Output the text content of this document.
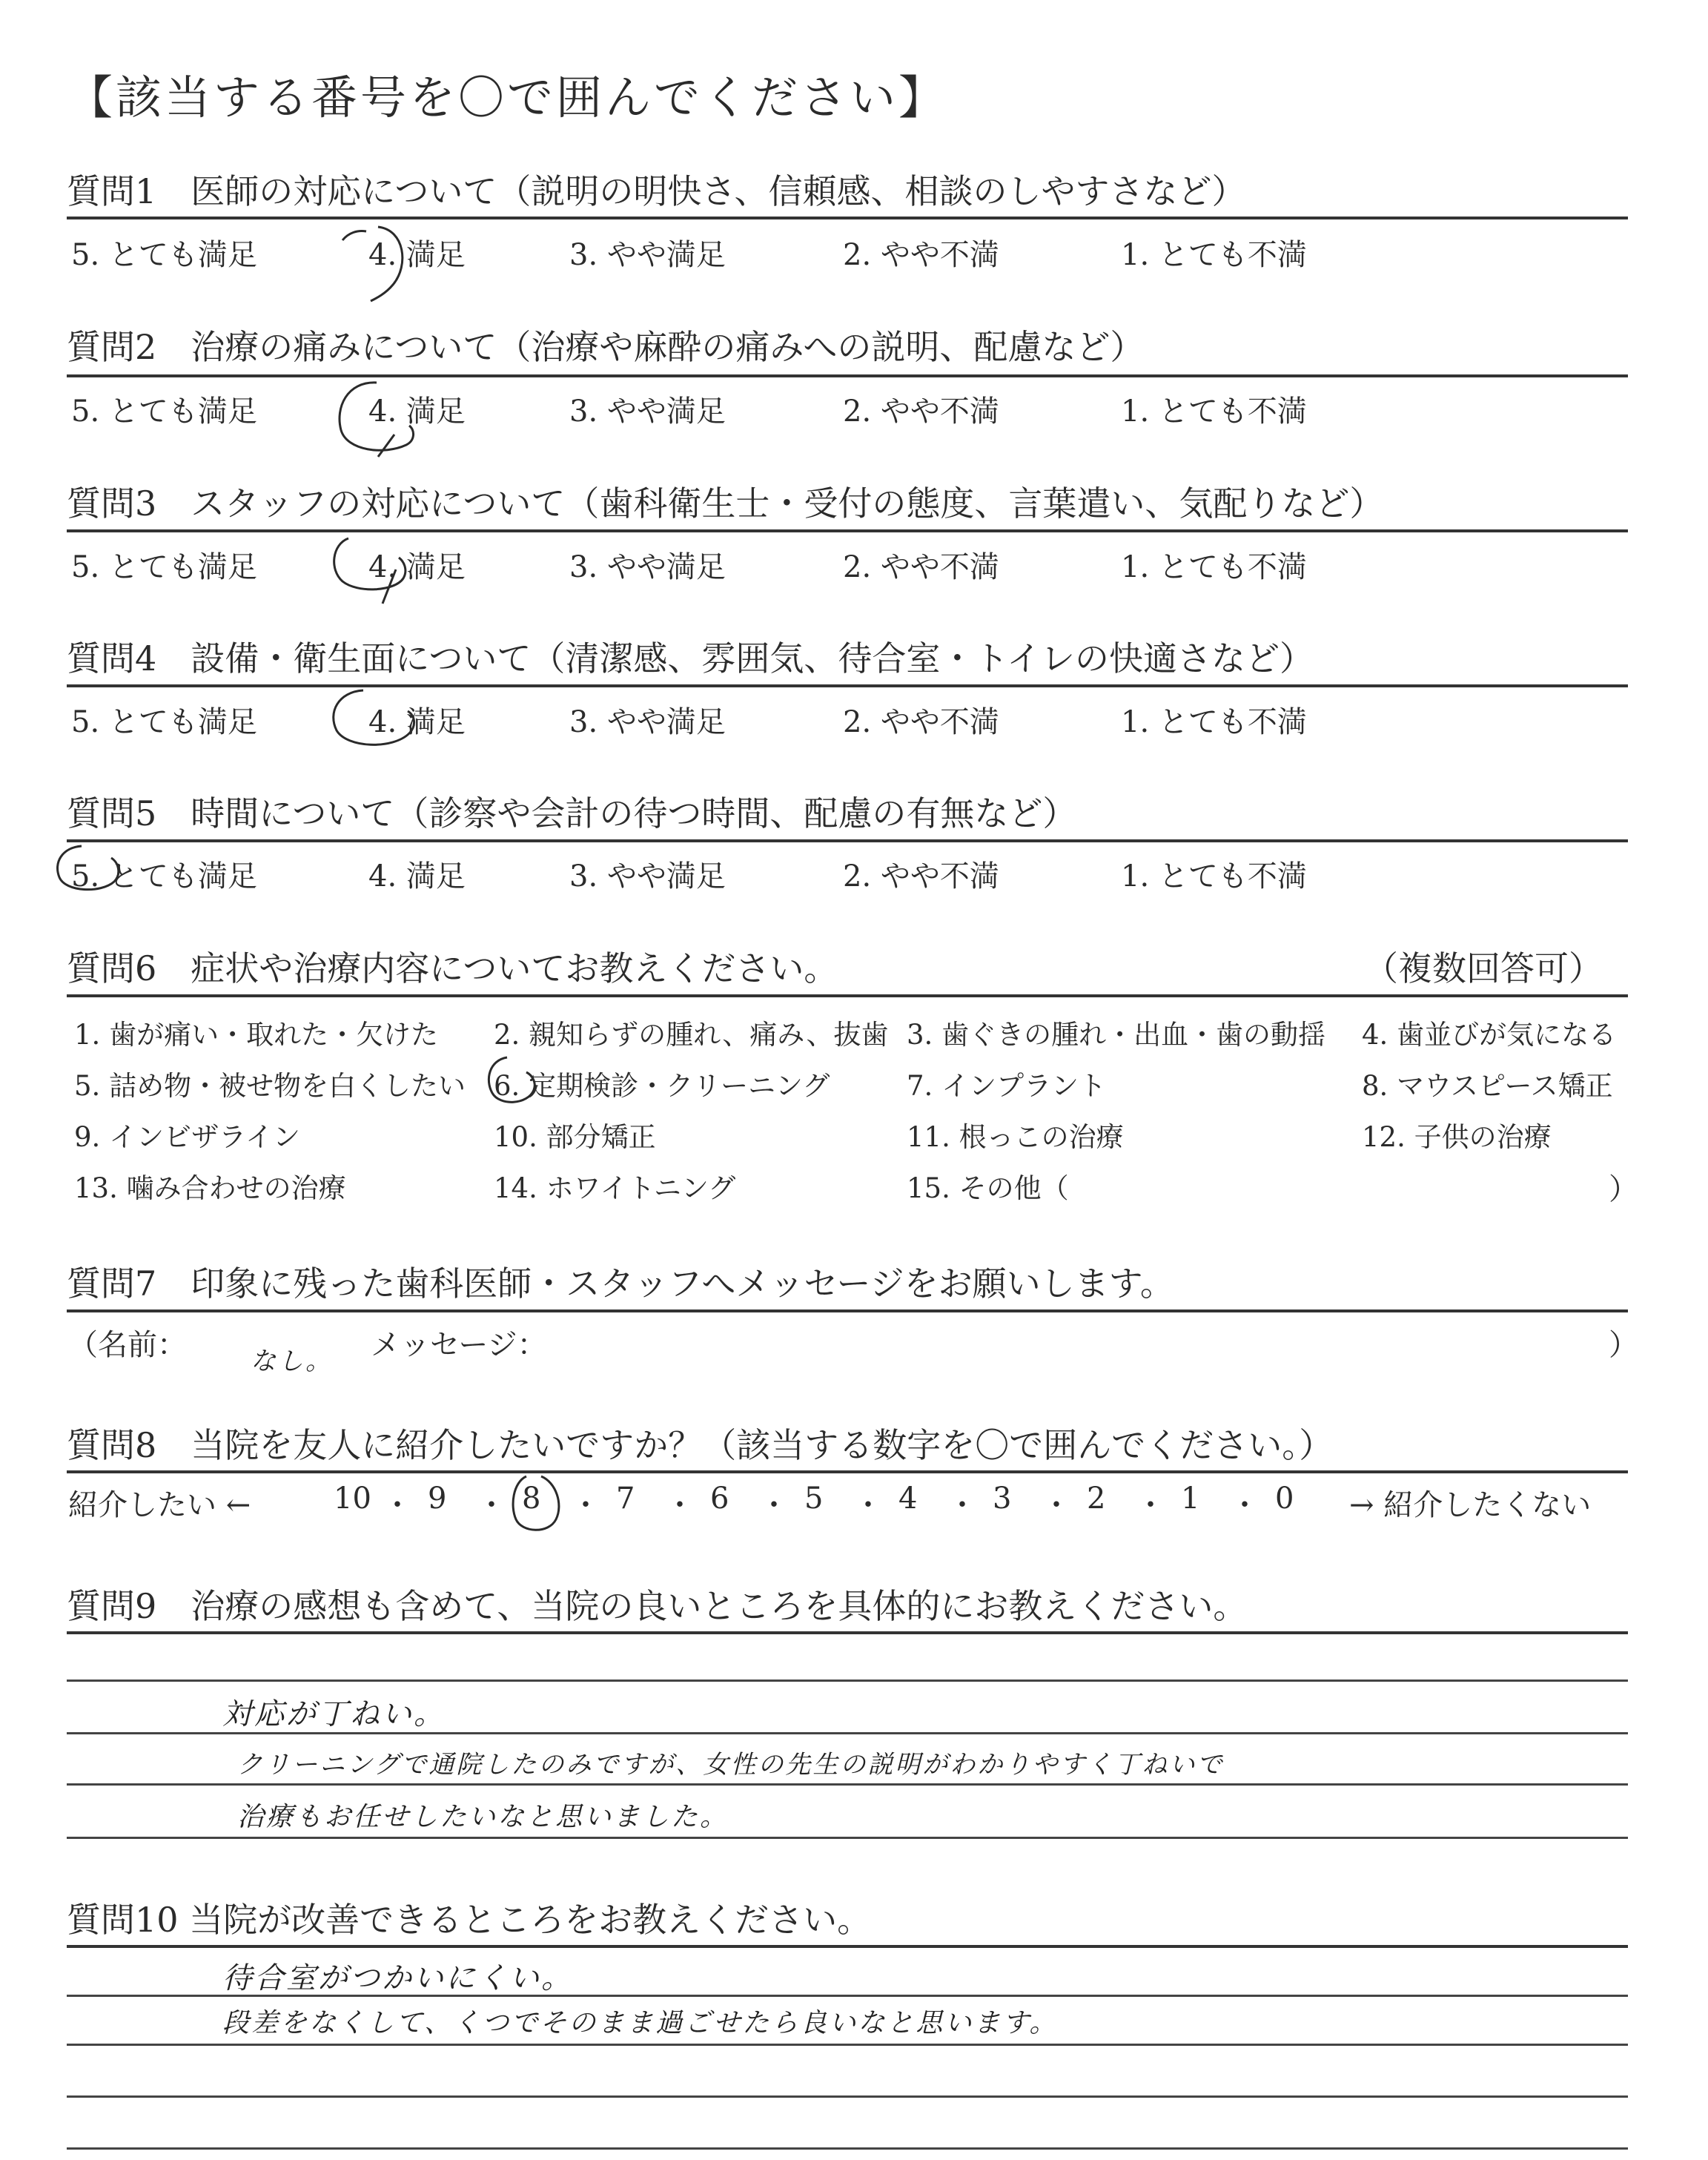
【該当する番号を〇で囲んでください】
質問1　医師の対応について（説明の明快さ、信頼感、相談のしやすさなど）
5. とても満足	4. 満足	3. やや満足	2. やや不満	1. とても不満
質問2　治療の痛みについて（治療や麻酔の痛みへの説明、配慮など）
5. とても満足	4. 満足	3. やや満足	2. やや不満	1. とても不満
質問3　スタッフの対応について（歯科衛生士・受付の態度、言葉遣い、気配りなど）
5. とても満足	4. 満足	3. やや満足	2. やや不満	1. とても不満
質問4　設備・衛生面について（清潔感、雰囲気、待合室・トイレの快適さなど）
5. とても満足	4. 満足	3. やや満足	2. やや不満	1. とても不満
質問5　時間について（診察や会計の待つ時間、配慮の有無など）
5. とても満足	4. 満足	3. やや満足	2. やや不満	1. とても不満
質問6　症状や治療内容についてお教えください。	（複数回答可）
1. 歯が痛い・取れた・欠けた 2. 親知らずの腫れ、痛み、抜歯 3. 歯ぐきの腫れ・出血・歯の動揺 4. 歯並びが気になる
5. 詰め物・被せ物を白くしたい 6. 定期検診・クリーニング	7. インプラント	8. マウスピース矯正
9. インビザライン	10. 部分矯正	11. 根っこの治療	12. 子供の治療
13. 噛み合わせの治療	14. ホワイトニング	15. その他（	）
質問7　印象に残った歯科医師・スタッフへメッセージをお願いします。
（名前：	なし。 メッセージ：	）
質問8　当院を友人に紹介したいですか？（該当する数字を〇で囲んでください。）
紹介したい ←	10 ・ 9 ・ 8 ・ 7 ・ 6 ・ 5 ・ 4 ・ 3 ・ 2 ・ 1 ・ 0 → 紹介したくない
質問9　治療の感想も含めて、当院の良いところを具体的にお教えください。
対応が丁ねい。
クリーニングで通院したのみですが、女性の先生の説明がわかりやすく丁ねいで
治療もお任せしたいなと思いました。
質問10 当院が改善できるところをお教えください。
待合室がつかいにくい。
段差をなくして、くつでそのまま過ごせたら良いなと思います。
